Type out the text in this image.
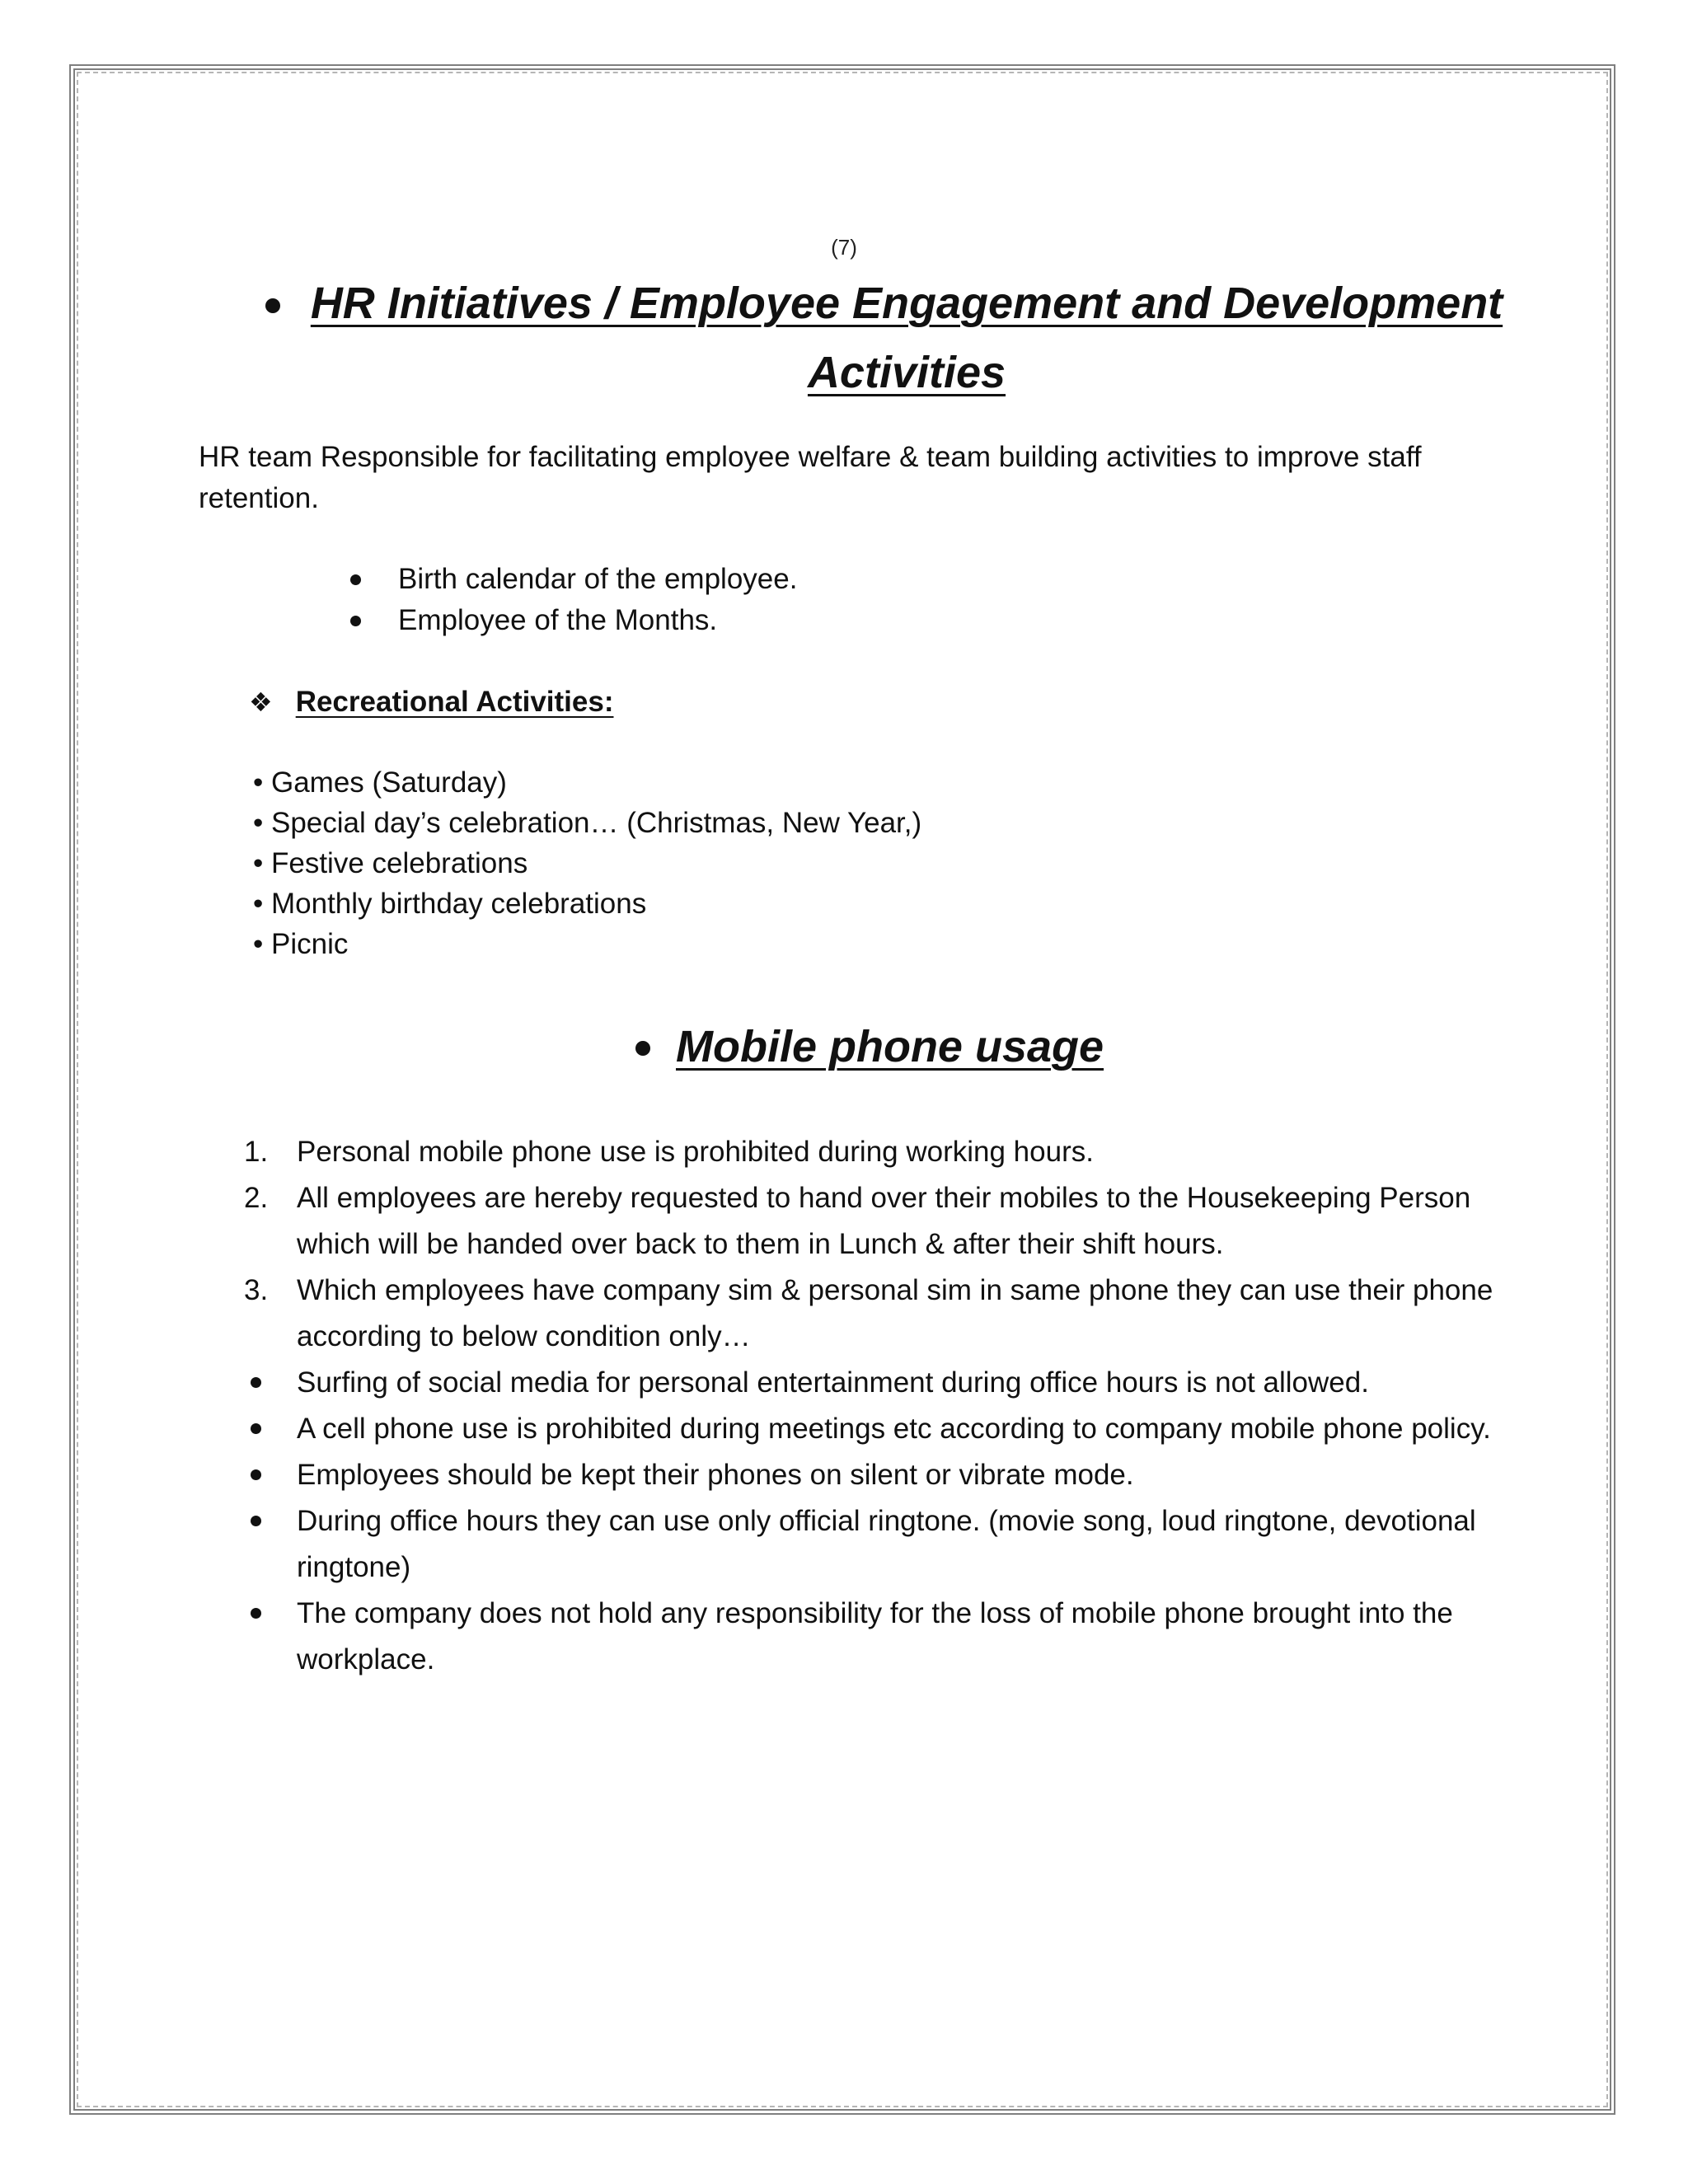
(7)
HR Initiatives / Employee Engagement and Development
Activities
HR team Responsible for facilitating employee welfare & team building activities to improve staff retention.
Birth calendar of the employee.
Employee of the Months.
❖ Recreational Activities:
• Games (Saturday)
• Special day’s celebration… (Christmas, New Year,)
• Festive celebrations
• Monthly birthday celebrations
• Picnic
Mobile phone usage
1. Personal mobile phone use is prohibited during working hours.
2. All employees are hereby requested to hand over their mobiles to the Housekeeping Person which will be handed over back to them in Lunch & after their shift hours.
3. Which employees have company sim & personal sim in same phone they can use their phone according to below condition only…
Surfing of social media for personal entertainment during office hours is not allowed.
A cell phone use is prohibited during meetings etc according to company mobile phone policy.
Employees should be kept their phones on silent or vibrate mode.
During office hours they can use only official ringtone. (movie song, loud ringtone, devotional ringtone)
The company does not hold any responsibility for the loss of mobile phone brought into the workplace.
